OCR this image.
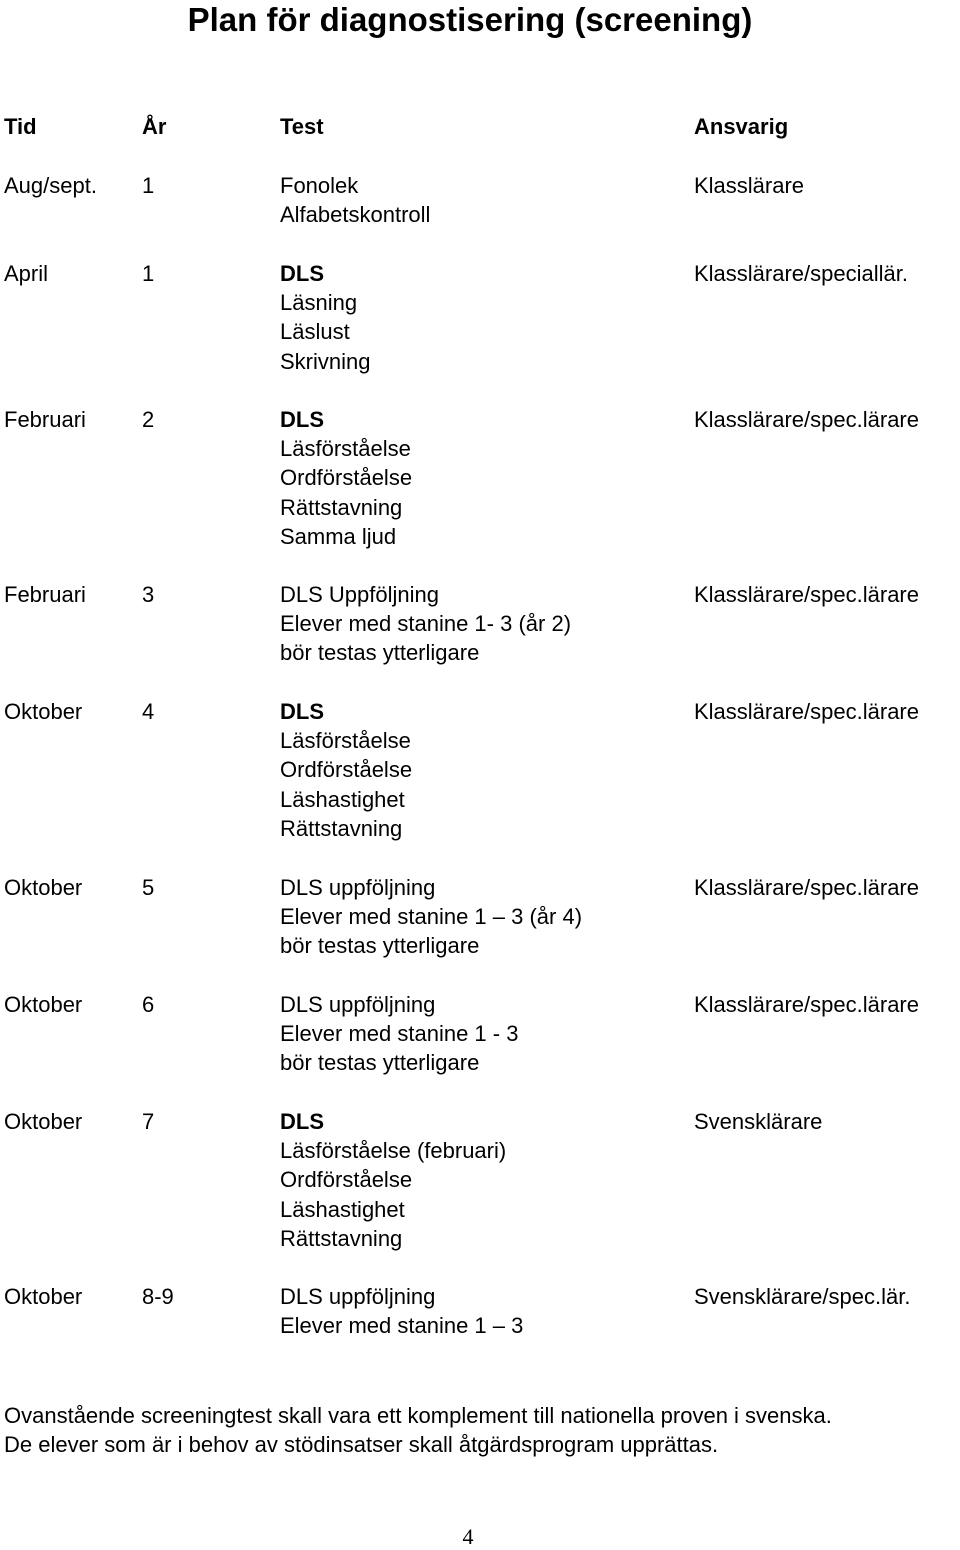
Plan för diagnostisering (screening)
Tid	År	Test	Ansvarig
Aug/sept. 1	Fonolek
Alfabetskontroll
Klasslärare
April	1	DLS
Läsning
Läslust
Skrivning
Klasslärare/speciallär.
Februari	2	DLS
Läsförståelse
Ordförståelse
Rättstavning
Samma ljud
Klasslärare/spec.lärare
Februari	3	DLS Uppföljning
Elever med stanine 1- 3 (år 2)
bör testas ytterligare
Klasslärare/spec.lärare
Oktober	4	DLS
Läsförståelse
Ordförståelse
Läshastighet
Rättstavning
Klasslärare/spec.lärare
Oktober	5	DLS uppföljning
Elever med stanine 1 – 3 (år 4)
bör testas ytterligare
Klasslärare/spec.lärare
Oktober	6	DLS uppföljning
Elever med stanine 1 - 3
bör testas ytterligare
Klasslärare/spec.lärare
Oktober	7	DLS
Läsförståelse (februari)
Ordförståelse
Läshastighet
Rättstavning
Svensklärare
Oktober	8-9	DLS uppföljning
Elever med stanine 1 – 3
Svensklärare/spec.lär.
Ovanstående screeningtest skall vara ett komplement till nationella proven i svenska.
De elever som är i behov av stödinsatser skall åtgärdsprogram upprättas.
4
